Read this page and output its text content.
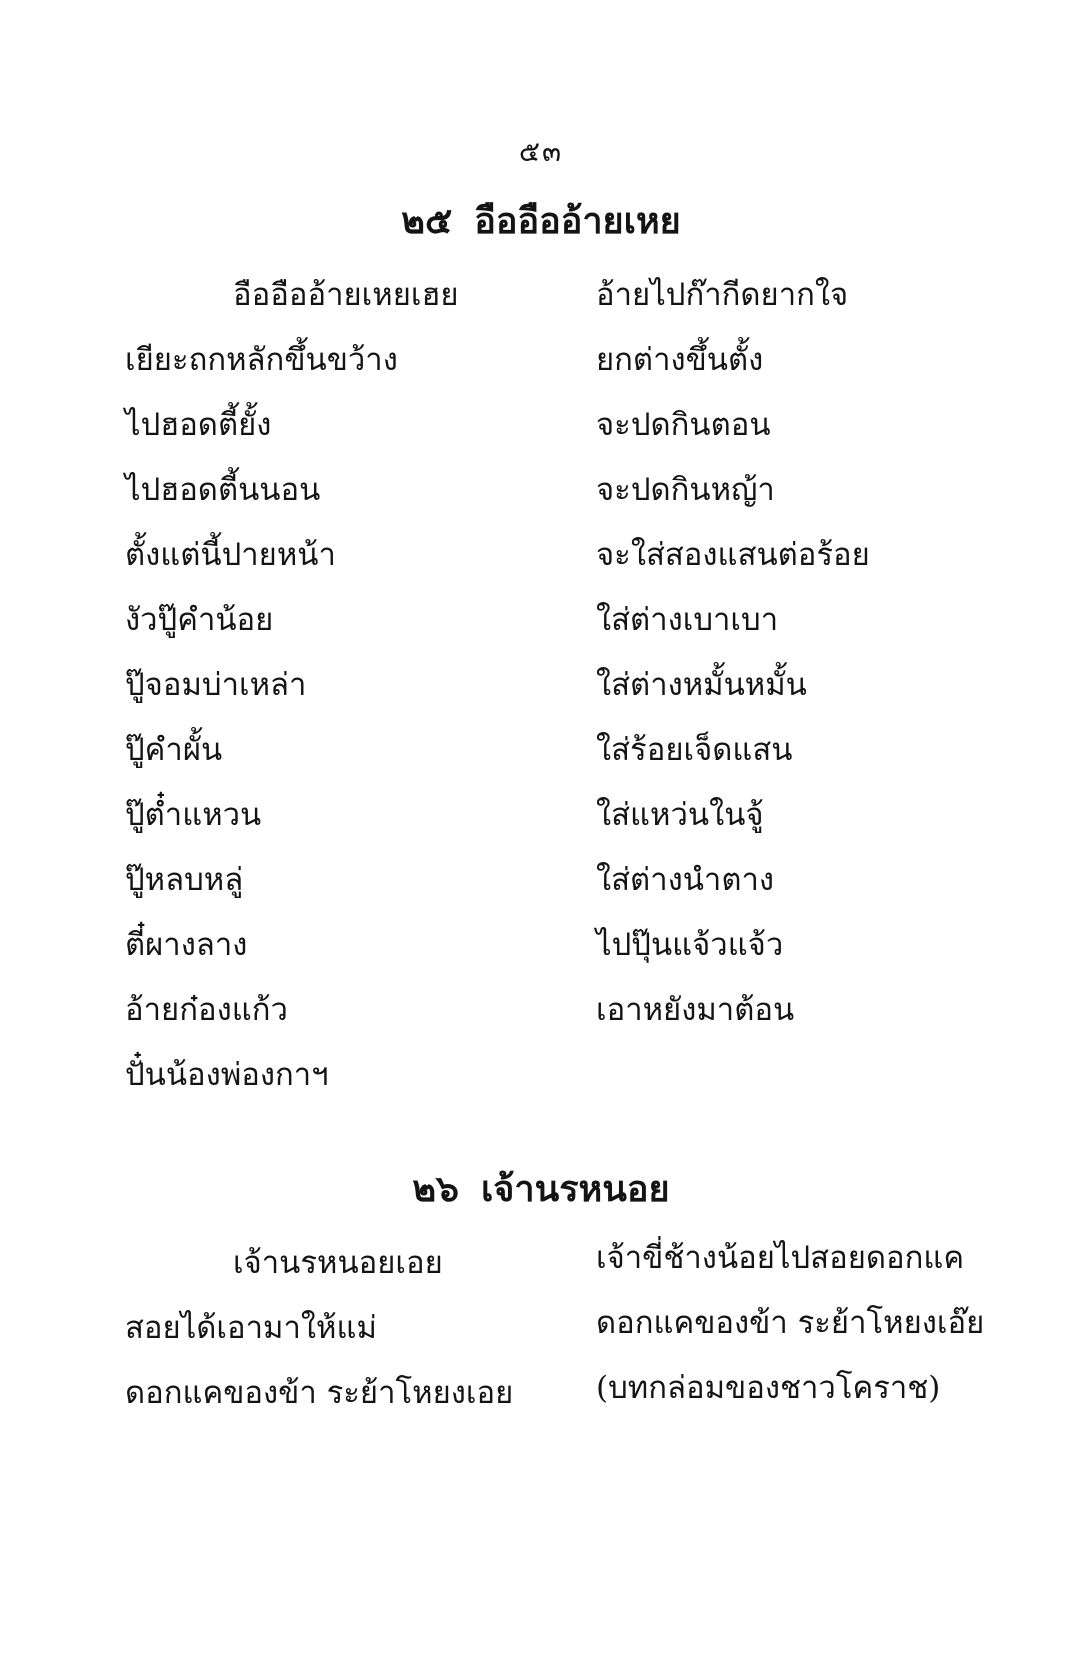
๕๓
๒๕ อืออืออ้ายเหย
อืออืออ้ายเหยเฮย	อ้ายไปก๊ากีดยากใจ
เยียะถกหลักขึ้นขว้าง	ยกต่างขึ้นตั้ง
ไปฮอดตี้ยั้ง	จะปดกินตอน
ไปฮอดตี้นนอน	จะปดกินหญ้า
ตั้งแต่นี้ปายหน้า	จะใส่สองแสนต่อร้อย
งัวปู๊คำน้อย	ใส่ต่างเบาเบา
ปู๊จอมบ่าเหล่า	ใส่ต่างหมั้นหมั้น
ปู๊คำผั้น	ใส่ร้อยเจ็ดแสน
ปู๊ต๋ำแหวน	ใส่แหว่นในจู้
ปู๊หลบหลู่	ใส่ต่างนำตาง
ตี๋ผางลาง	ไปปุ๊นแจ้วแจ้ว
อ้ายก๋องแก้ว	เอาหยังมาต้อน
ปั๋นน้องพ่องกาฯ
๒๖ เจ้านรหนอย
เจ้านรหนอยเอย	เจ้าขี่ช้างน้อยไปสอยดอกแค
สอยได้เอามาให้แม่	ดอกแคของข้า ระย้าโหยงเอ๊ย
ดอกแคของข้า ระย้าโหยงเอย	(บทกล่อมของชาวโคราช)
